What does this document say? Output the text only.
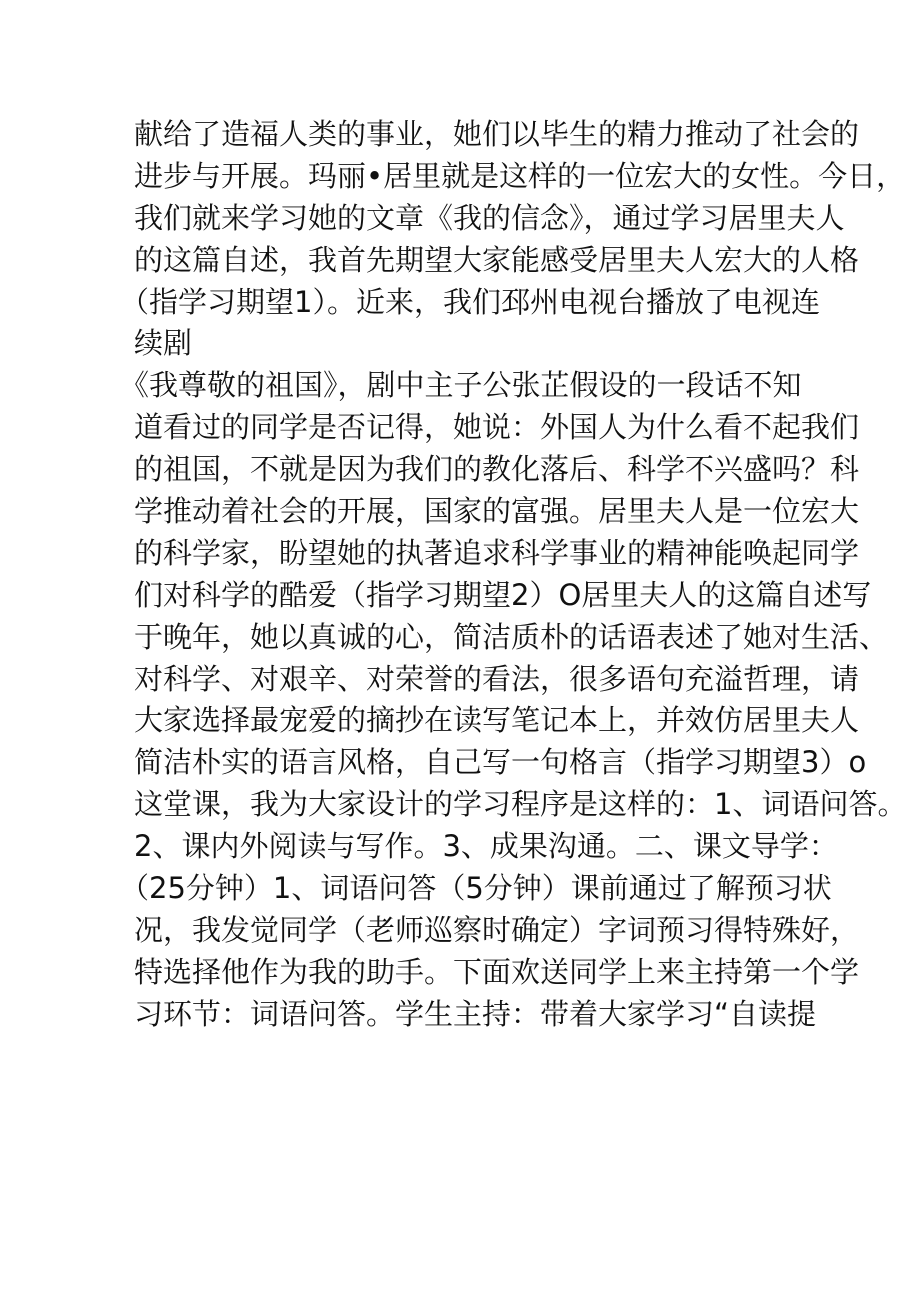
献给了造福人类的事业，她们以毕生的精力推动了社会的
进步与开展。玛丽•居里就是这样的一位宏大的女性。今日，
我们就来学习她的文章《我的信念》，通过学习居里夫人
的这篇自述，我首先期望大家能感受居里夫人宏大的人格
（指学习期望1）。近来，我们邳州电视台播放了电视连
续剧
《我尊敬的祖国》，剧中主子公张芷假设的一段话不知
道看过的同学是否记得，她说：外国人为什么看不起我们
的祖国，不就是因为我们的教化落后、科学不兴盛吗？科
学推动着社会的开展，国家的富强。居里夫人是一位宏大
的科学家，盼望她的执著追求科学事业的精神能唤起同学
们对科学的酷爱（指学习期望2）O居里夫人的这篇自述写
于晚年，她以真诚的心，简洁质朴的话语表述了她对生活、
对科学、对艰辛、对荣誉的看法，很多语句充溢哲理，请
大家选择最宠爱的摘抄在读写笔记本上，并效仿居里夫人
简洁朴实的语言风格，自己写一句格言（指学习期望3）o
这堂课，我为大家设计的学习程序是这样的：1、词语问答。
2、课内外阅读与写作。3、成果沟通。二、课文导学：
（25分钟）1、词语问答（5分钟）课前通过了解预习状
况，我发觉同学（老师巡察时确定）字词预习得特殊好，
特选择他作为我的助手。下面欢送同学上来主持第一个学
习环节：词语问答。学生主持：带着大家学习“自读提
